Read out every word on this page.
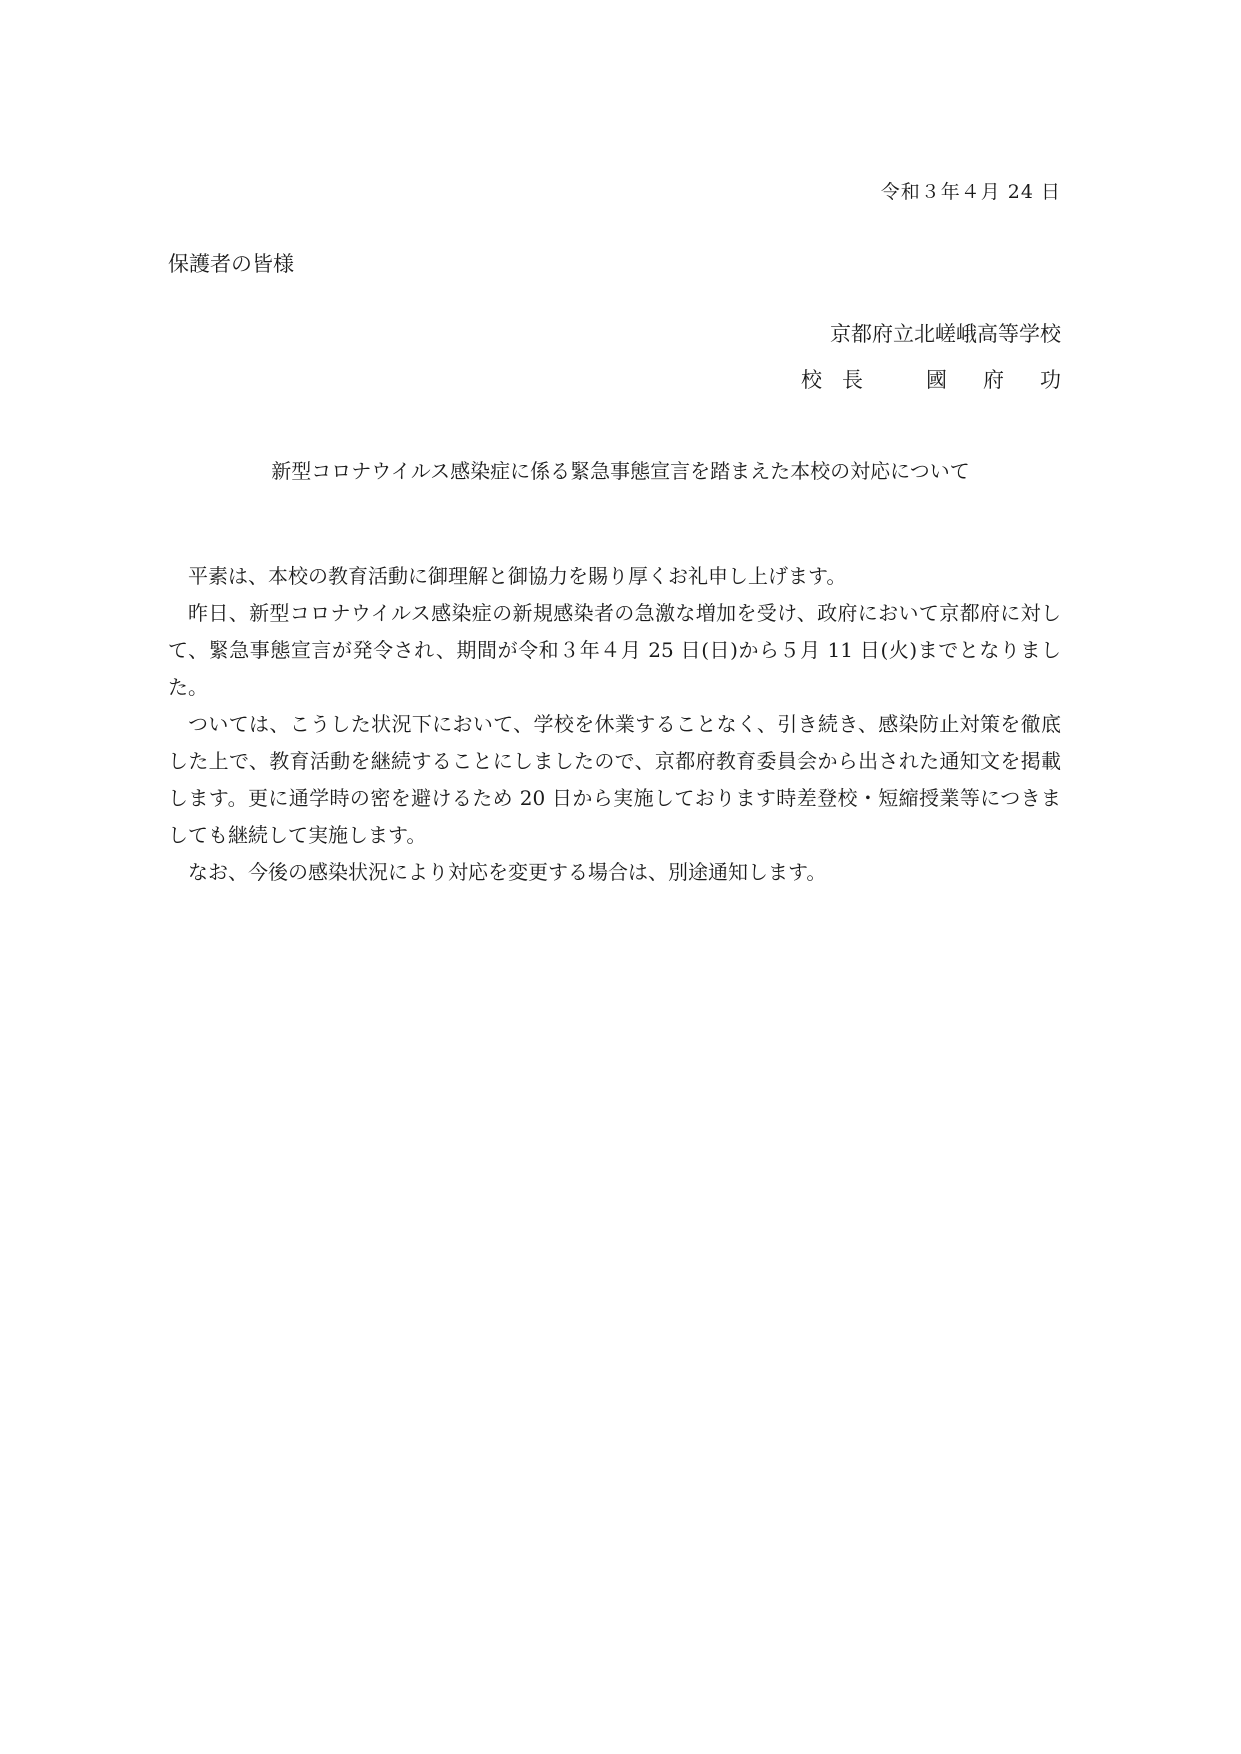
令和３年４月 24 日
保護者の皆様
京都府立北嵯峨高等学校
校長 國府功
新型コロナウイルス感染症に係る緊急事態宣言を踏まえた本校の対応について

平素は、本校の教育活動に御理解と御協力を賜り厚くお礼申し上げます。

昨日、新型コロナウイルス感染症の新規感染者の急激な増加を受け、政府において京都府に対して、緊急事態宣言が発令され、期間が令和３年４月 25 日(日)から５月 11 日(火)までとなりました。

ついては、こうした状況下において、学校を休業することなく、引き続き、感染防止対策を徹底した上で、教育活動を継続することにしましたので、京都府教育委員会から出された通知文を掲載します。更に通学時の密を避けるため 20 日から実施しております時差登校・短縮授業等につきましても継続して実施します。

なお、今後の感染状況により対応を変更する場合は、別途通知します。
